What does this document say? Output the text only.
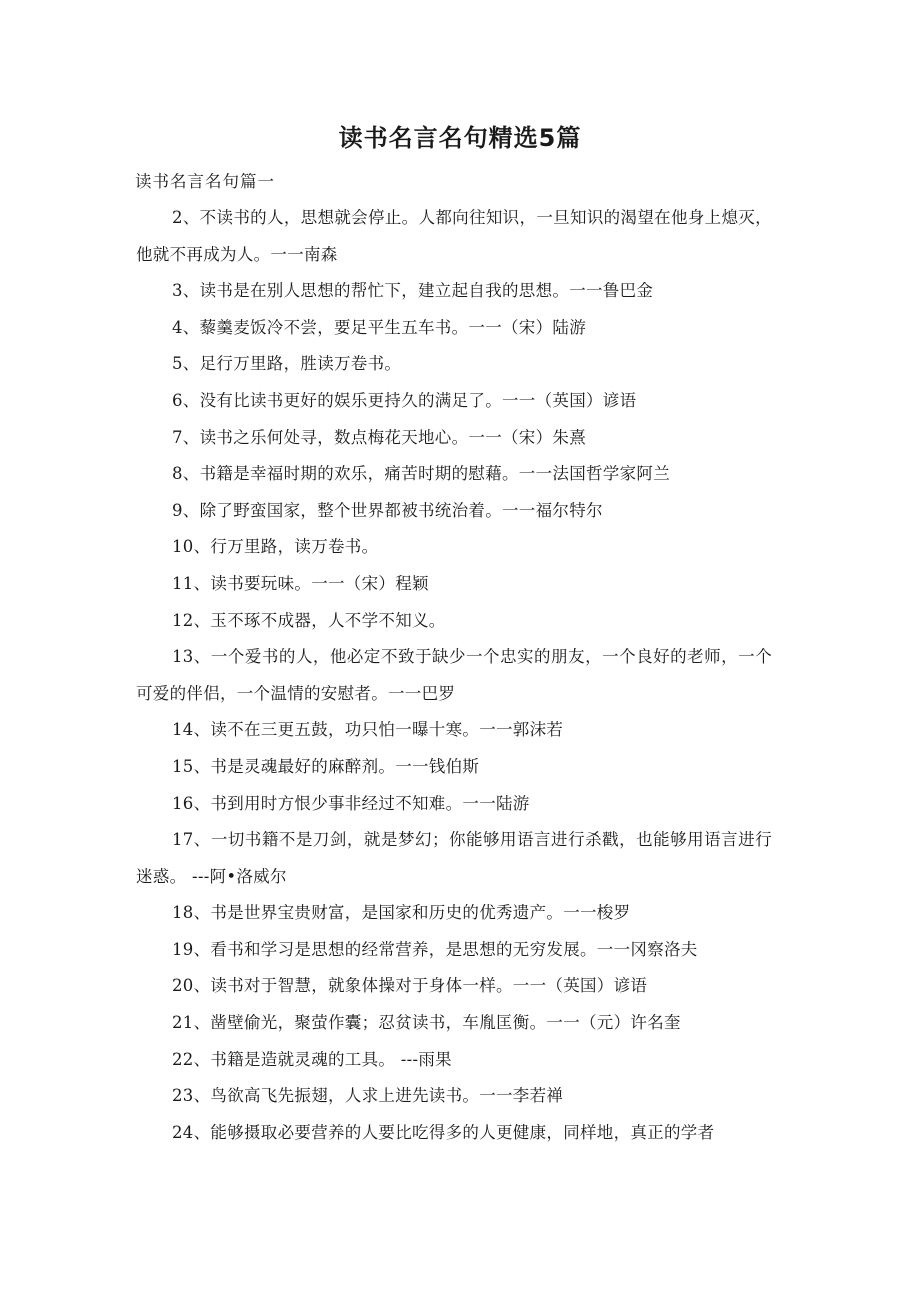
读书名言名句精选5篇
读书名言名句篇一
2、不读书的人，思想就会停止。人都向往知识，一旦知识的渴望在他身上熄灭，他就不再成为人。一一南森
3、读书是在别人思想的帮忙下，建立起自我的思想。一一鲁巴金
4、藜羹麦饭冷不尝，要足平生五车书。一一（宋）陆游
5、足行万里路，胜读万卷书。
6、没有比读书更好的娱乐更持久的满足了。一一（英国）谚语
7、读书之乐何处寻，数点梅花天地心。一一（宋）朱熹
8、书籍是幸福时期的欢乐，痛苦时期的慰藉。一一法国哲学家阿兰
9、除了野蛮国家，整个世界都被书统治着。一一福尔特尔
10、行万里路，读万卷书。
11、读书要玩味。一一（宋）程颖
12、玉不琢不成器，人不学不知义。
13、一个爱书的人，他必定不致于缺少一个忠实的朋友，一个良好的老师，一个可爱的伴侣，一个温情的安慰者。一一巴罗
14、读不在三更五鼓，功只怕一曝十寒。一一郭沫若
15、书是灵魂最好的麻醉剂。一一钱伯斯
16、书到用时方恨少事非经过不知难。一一陆游
17、一切书籍不是刀剑，就是梦幻；你能够用语言进行杀戳，也能够用语言进行迷惑。 ---阿•洛威尔
18、书是世界宝贵财富，是国家和历史的优秀遗产。一一梭罗
19、看书和学习是思想的经常营养，是思想的无穷发展。一一冈察洛夫
20、读书对于智慧，就象体操对于身体一样。一一（英国）谚语
21、凿壁偷光，聚萤作囊；忍贫读书，车胤匡衡。一一（元）许名奎
22、书籍是造就灵魂的工具。 ---雨果
23、鸟欲高飞先振翅，人求上进先读书。一一李若禅
24、能够摄取必要营养的人要比吃得多的人更健康，同样地，真正的学者
